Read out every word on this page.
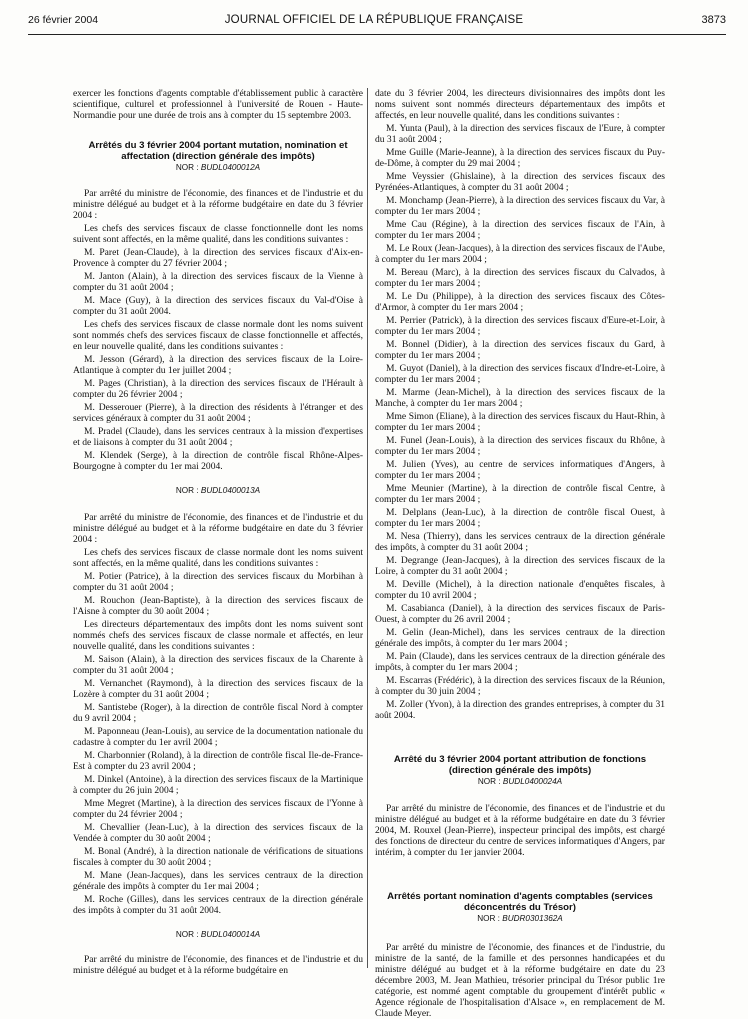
26 février 2004	JOURNAL OFFICIEL DE LA RÉPUBLIQUE FRANÇAISE	3873

exercer les fonctions d'agents comptable d'établissement public à caractère scientifique, culturel et professionnel à l'université de Rouen - Haute-Normandie pour une durée de trois ans à compter du 15 septembre 2003.

Arrêtés du 3 février 2004 portant mutation, nomination et affectation (direction générale des impôts)

NOR : BUDL0400012A

Par arrêté du ministre de l'économie, des finances et de l'industrie et du ministre délégué au budget et à la réforme budgétaire en date du 3 février 2004 :

Les chefs des services fiscaux de classe fonctionnelle dont les noms suivent sont affectés, en la même qualité, dans les conditions suivantes :

M. Paret (Jean-Claude), à la direction des services fiscaux d'Aix-en-Provence à compter du 27 février 2004 ;

M. Janton (Alain), à la direction des services fiscaux de la Vienne à compter du 31 août 2004 ;

M. Mace (Guy), à la direction des services fiscaux du Val-d'Oise à compter du 31 août 2004.

Les chefs des services fiscaux de classe normale dont les noms suivent sont nommés chefs des services fiscaux de classe fonctionnelle et affectés, en leur nouvelle qualité, dans les conditions suivantes :

M. Jesson (Gérard), à la direction des services fiscaux de la Loire-Atlantique à compter du 1er juillet 2004 ;

M. Pages (Christian), à la direction des services fiscaux de l'Hérault à compter du 26 février 2004 ;

M. Desserouer (Pierre), à la direction des résidents à l'étranger et des services généraux à compter du 31 août 2004 ;

M. Pradel (Claude), dans les services centraux à la mission d'expertises et de liaisons à compter du 31 août 2004 ;

M. Klendek (Serge), à la direction de contrôle fiscal Rhône-Alpes-Bourgogne à compter du 1er mai 2004.

NOR : BUDL0400013A

Par arrêté du ministre de l'économie, des finances et de l'industrie et du ministre délégué au budget et à la réforme budgétaire en date du 3 février 2004 :

Les chefs des services fiscaux de classe normale dont les noms suivent sont affectés, en la même qualité, dans les conditions suivantes :

M. Potier (Patrice), à la direction des services fiscaux du Morbihan à compter du 31 août 2004 ;

M. Rouchon (Jean-Baptiste), à la direction des services fiscaux de l'Aisne à compter du 30 août 2004 ;

Les directeurs départementaux des impôts dont les noms suivent sont nommés chefs des services fiscaux de classe normale et affectés, en leur nouvelle qualité, dans les conditions suivantes :

M. Saison (Alain), à la direction des services fiscaux de la Charente à compter du 31 août 2004 ;

M. Vernanchet (Raymond), à la direction des services fiscaux de la Lozère à compter du 31 août 2004 ;

M. Santistebe (Roger), à la direction de contrôle fiscal Nord à compter du 9 avril 2004 ;

M. Paponneau (Jean-Louis), au service de la documentation nationale du cadastre à compter du 1er avril 2004 ;

M. Charbonnier (Roland), à la direction de contrôle fiscal Ile-de-France-Est à compter du 23 avril 2004 ;

M. Dinkel (Antoine), à la direction des services fiscaux de la Martinique à compter du 26 juin 2004 ;

Mme Megret (Martine), à la direction des services fiscaux de l'Yonne à compter du 24 février 2004 ;

M. Chevallier (Jean-Luc), à la direction des services fiscaux de la Vendée à compter du 30 août 2004 ;

M. Bonal (André), à la direction nationale de vérifications de situations fiscales à compter du 30 août 2004 ;

M. Mane (Jean-Jacques), dans les services centraux de la direction générale des impôts à compter du 1er mai 2004 ;

M. Roche (Gilles), dans les services centraux de la direction générale des impôts à compter du 31 août 2004.

NOR : BUDL0400014A

Par arrêté du ministre de l'économie, des finances et de l'industrie et du ministre délégué au budget et à la réforme budgétaire en

date du 3 février 2004, les directeurs divisionnaires des impôts dont les noms suivent sont nommés directeurs départementaux des impôts et affectés, en leur nouvelle qualité, dans les conditions suivantes :

M. Yunta (Paul), à la direction des services fiscaux de l'Eure, à compter du 31 août 2004 ;

Mme Guille (Marie-Jeanne), à la direction des services fiscaux du Puy-de-Dôme, à compter du 29 mai 2004 ;

Mme Veyssier (Ghislaine), à la direction des services fiscaux des Pyrénées-Atlantiques, à compter du 31 août 2004 ;

M. Monchamp (Jean-Pierre), à la direction des services fiscaux du Var, à compter du 1er mars 2004 ;

Mme Cau (Régine), à la direction des services fiscaux de l'Ain, à compter du 1er mars 2004 ;

M. Le Roux (Jean-Jacques), à la direction des services fiscaux de l'Aube, à compter du 1er mars 2004 ;

M. Bereau (Marc), à la direction des services fiscaux du Calvados, à compter du 1er mars 2004 ;

M. Le Du (Philippe), à la direction des services fiscaux des Côtes-d'Armor, à compter du 1er mars 2004 ;

M. Perrier (Patrick), à la direction des services fiscaux d'Eure-et-Loir, à compter du 1er mars 2004 ;

M. Bonnel (Didier), à la direction des services fiscaux du Gard, à compter du 1er mars 2004 ;

M. Guyot (Daniel), à la direction des services fiscaux d'Indre-et-Loire, à compter du 1er mars 2004 ;

M. Marme (Jean-Michel), à la direction des services fiscaux de la Manche, à compter du 1er mars 2004 ;

Mme Simon (Eliane), à la direction des services fiscaux du Haut-Rhin, à compter du 1er mars 2004 ;

M. Funel (Jean-Louis), à la direction des services fiscaux du Rhône, à compter du 1er mars 2004 ;

M. Julien (Yves), au centre de services informatiques d'Angers, à compter du 1er mars 2004 ;

Mme Meunier (Martine), à la direction de contrôle fiscal Centre, à compter du 1er mars 2004 ;

M. Delplans (Jean-Luc), à la direction de contrôle fiscal Ouest, à compter du 1er mars 2004 ;

M. Nesa (Thierry), dans les services centraux de la direction générale des impôts, à compter du 31 août 2004 ;

M. Degrange (Jean-Jacques), à la direction des services fiscaux de la Loire, à compter du 31 août 2004 ;

M. Deville (Michel), à la direction nationale d'enquêtes fiscales, à compter du 10 avril 2004 ;

M. Casabianca (Daniel), à la direction des services fiscaux de Paris-Ouest, à compter du 26 avril 2004 ;

M. Gelin (Jean-Michel), dans les services centraux de la direction générale des impôts, à compter du 1er mars 2004 ;

M. Pain (Claude), dans les services centraux de la direction générale des impôts, à compter du 1er mars 2004 ;

M. Escarras (Frédéric), à la direction des services fiscaux de la Réunion, à compter du 30 juin 2004 ;

M. Zoller (Yvon), à la direction des grandes entreprises, à compter du 31 août 2004.

Arrêté du 3 février 2004 portant attribution de fonctions (direction générale des impôts)

NOR : BUDL0400024A

Par arrêté du ministre de l'économie, des finances et de l'industrie et du ministre délégué au budget et à la réforme budgétaire en date du 3 février 2004, M. Rouxel (Jean-Pierre), inspecteur principal des impôts, est chargé des fonctions de directeur du centre de services informatiques d'Angers, par intérim, à compter du 1er janvier 2004.

Arrêtés portant nomination d'agents comptables (services déconcentrés du Trésor)

NOR : BUDR0301362A

Par arrêté du ministre de l'économie, des finances et de l'industrie, du ministre de la santé, de la famille et des personnes handicapées et du ministre délégué au budget et à la réforme budgétaire en date du 23 décembre 2003, M. Jean Mathieu, trésorier principal du Trésor public 1re catégorie, est nommé agent comptable du groupement d'intérêt public « Agence régionale de l'hospitalisation d'Alsace », en remplacement de M. Claude Meyer.
